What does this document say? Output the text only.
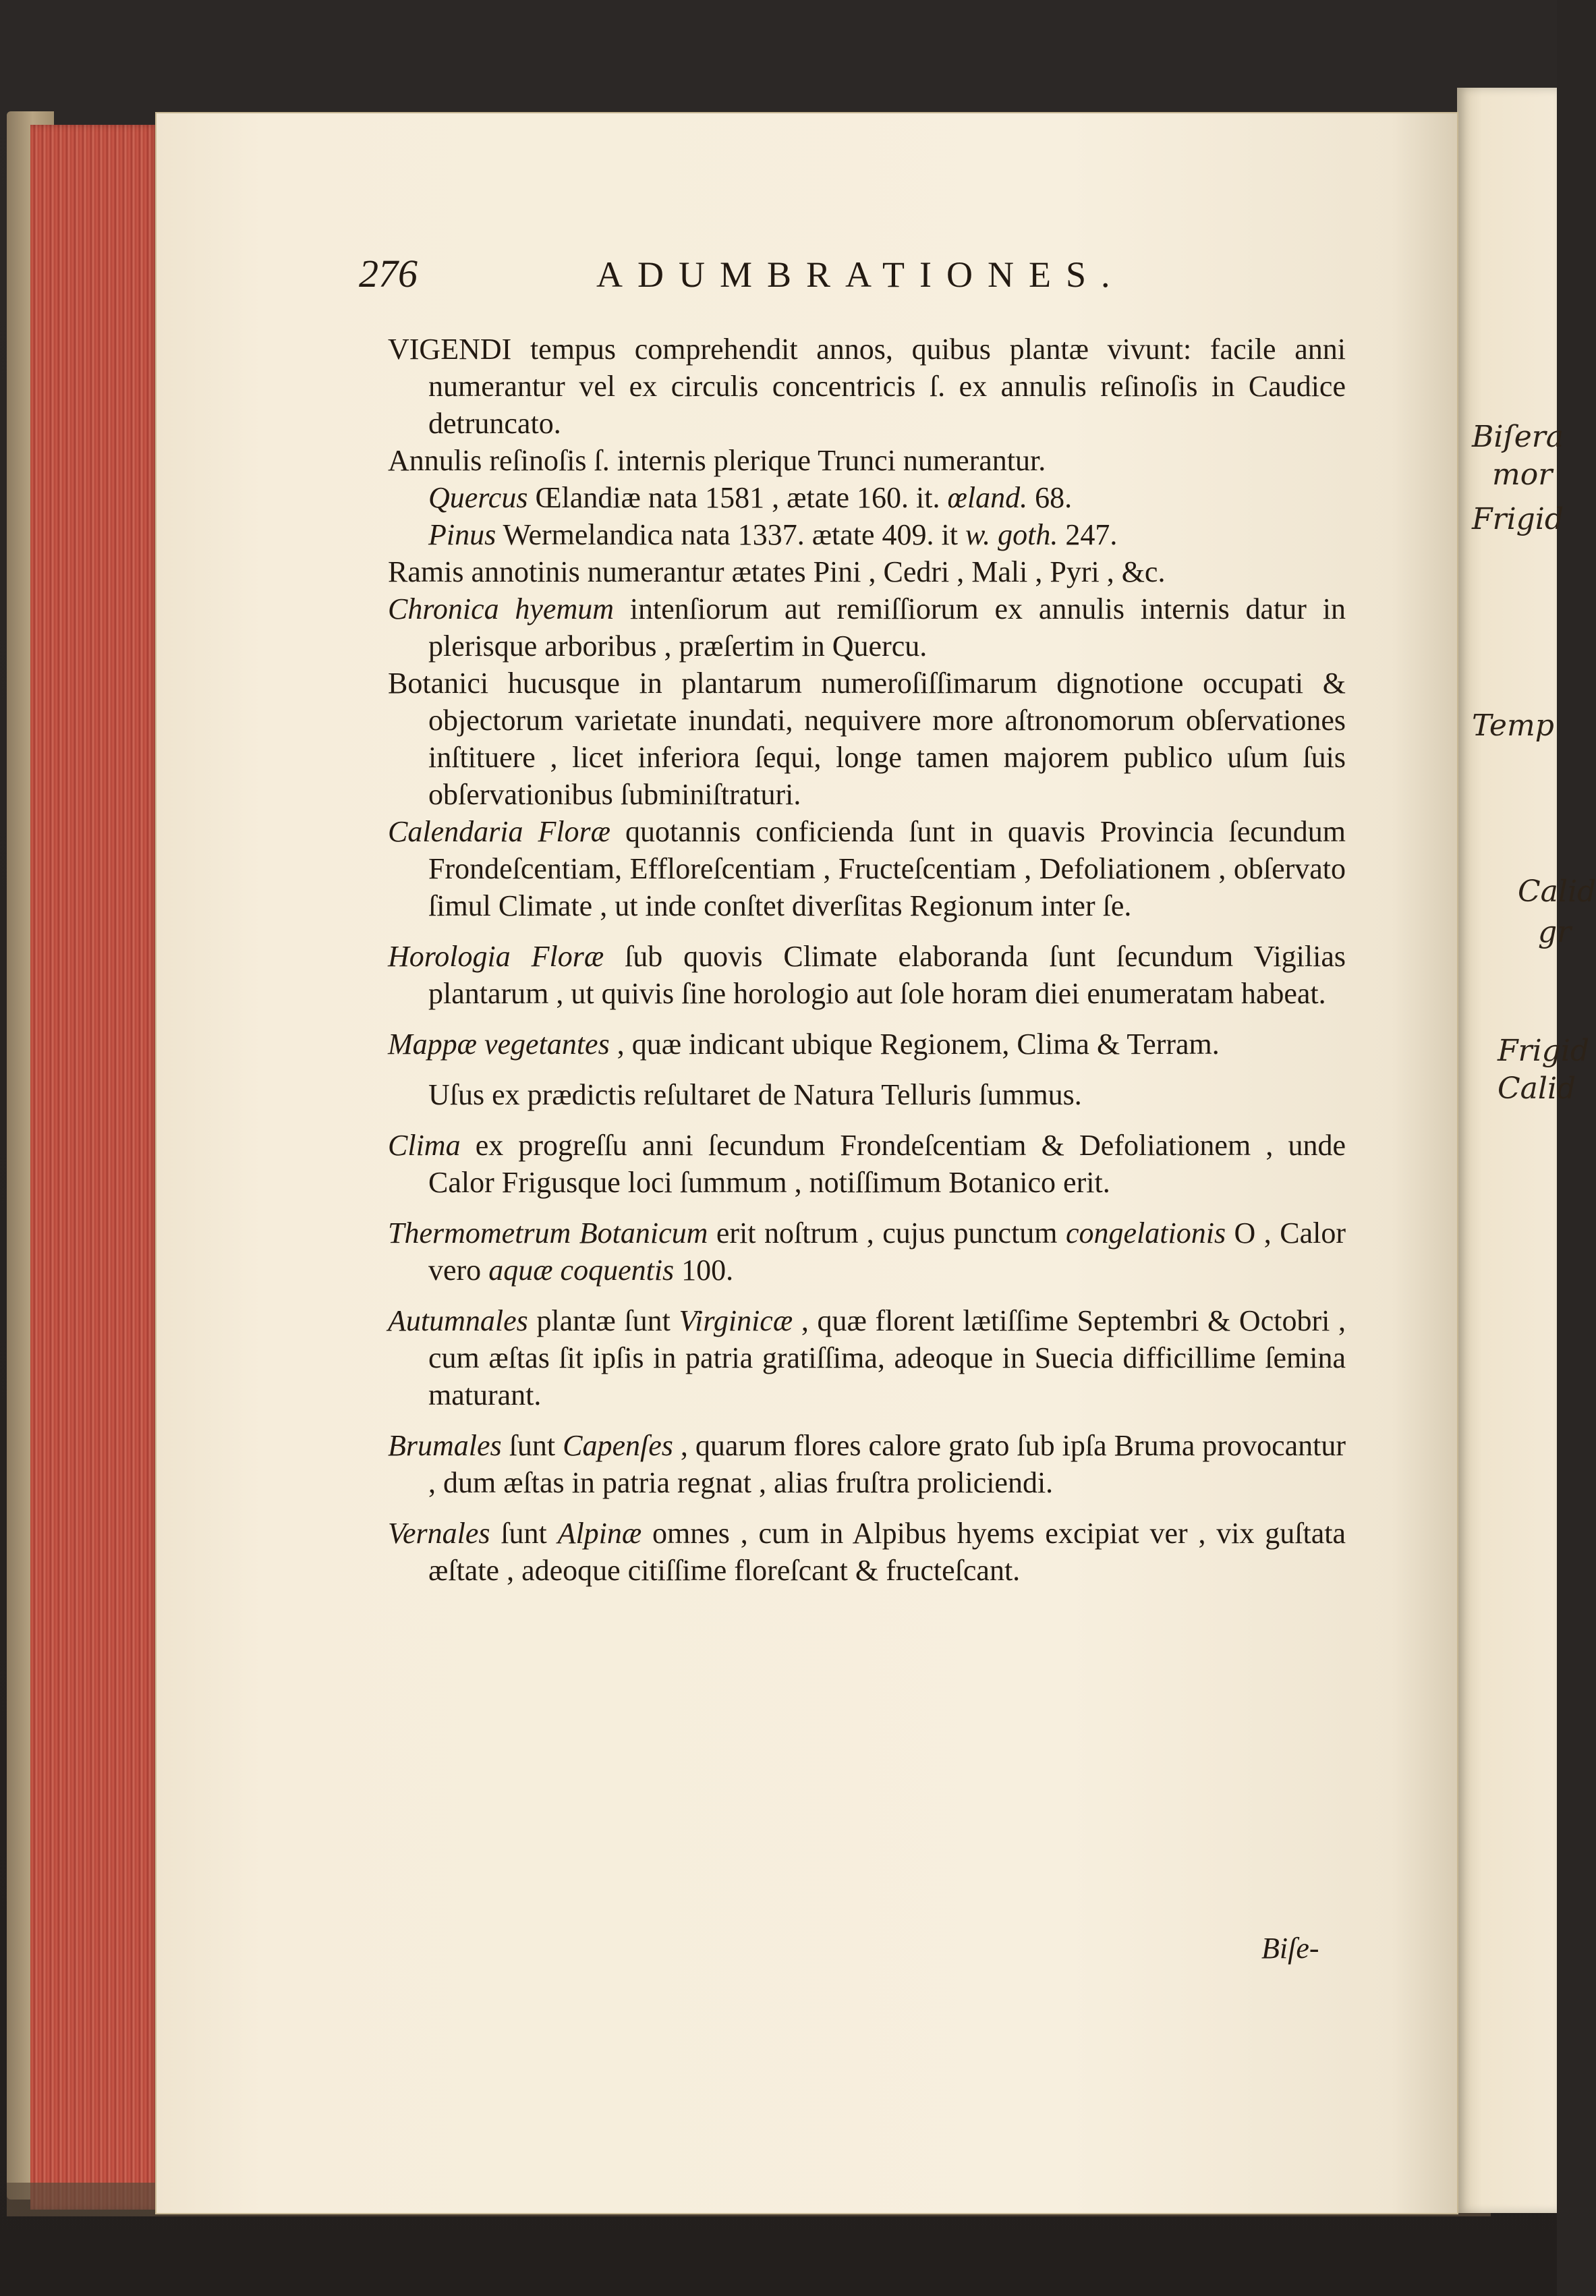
Biſera
mor
Frigid
Temp
Calid
gr
Frigid
Calid
276	ADUMBRATIONES.

VIGENDI tempus comprehendit annos, quibus plantæ vivunt: facile anni numerantur vel ex circulis concentricis ſ. ex annulis reſinoſis in Caudice detruncato.

Annulis reſinoſis ſ. internis plerique Trunci numerantur.

Quercus Œlandiæ nata 1581 , ætate 160. it. œland. 68.

Pinus Wermelandica nata 1337. ætate 409. it w. goth. 247.

Ramis annotinis numerantur ætates Pini , Cedri , Mali , Pyri , &c.

Chronica hyemum intenſiorum aut remiſſiorum ex annulis internis datur in plerisque arboribus , præſertim in Quercu.

Botanici hucusque in plantarum numeroſiſſimarum dignotione occupati & objectorum varietate inundati, nequivere more aſtronomorum obſervationes inſtituere , licet inferiora ſequi, longe tamen majorem publico uſum ſuis obſervationibus ſubminiſtraturi.

Calendaria Floræ quotannis conficienda ſunt in quavis Provincia ſecundum Frondeſcentiam, Effloreſcentiam , Fructeſcentiam , Defoliationem , obſervato ſimul Climate , ut inde conſtet diverſitas Regionum inter ſe.

Horologia Floræ ſub quovis Climate elaboranda ſunt ſecundum Vigilias plantarum , ut quivis ſine horologio aut ſole horam diei enumeratam habeat.

Mappæ vegetantes , quæ indicant ubique Regionem, Clima & Terram.

Uſus ex prædictis reſultaret de Natura Telluris ſummus.

Clima ex progreſſu anni ſecundum Frondeſcentiam & Defoliationem , unde Calor Frigusque loci ſummum , notiſſimum Botanico erit.

Thermometrum Botanicum erit noſtrum , cujus punctum congelationis O , Calor vero aquæ coquentis 100.

Autumnales plantæ ſunt Virginicæ , quæ florent lætiſſime Septembri & Octobri , cum æſtas ſit ipſis in patria gratiſſima, adeoque in Suecia difficillime ſemina maturant.

Brumales ſunt Capenſes , quarum flores calore grato ſub ipſa Bruma provocantur , dum æſtas in patria regnat , alias fruſtra proliciendi.

Vernales ſunt Alpinæ omnes , cum in Alpibus hyems excipiat ver , vix guſtata æſtate , adeoque citiſſime floreſcant & fructeſcant.

Biſe-
